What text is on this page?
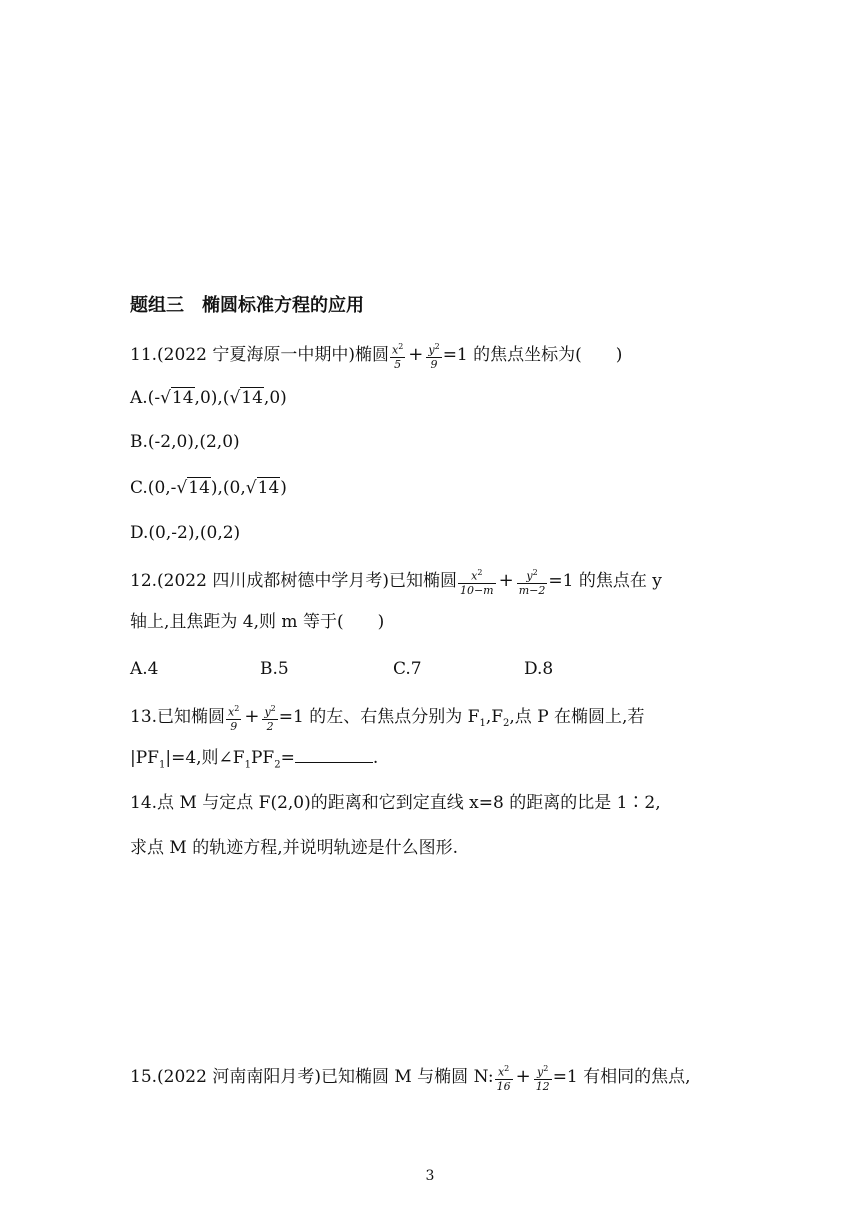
题组三　椭圆标准方程的应用
11.(2022 宁夏海原一中期中)椭圆 $\frac{x^2}{5} + \frac{y^2}{9} =1$ 的焦点坐标为(　　)
A.(-√14,0),(√14,0)
B.(-2,0),(2,0)
C.(0,-√14),(0,√14)
D.(0,-2),(0,2)
12.(2022 四川成都树德中学月考)已知椭圆 $\frac{x^2}{10-m} + \frac{y^2}{m-2} =1$ 的焦点在 y
轴上,且焦距为 4,则 m 等于(　　)
A.4	B.5	C.7	D.8
13.已知椭圆 $\frac{x^2}{9} + \frac{y^2}{2} =1$ 的左、右焦点分别为 $F_1,F_2$,点 P 在椭圆上,若
$|PF_1|=4$,则$\angle F_1PF_2=$	.
14.点 M 与定点 F(2,0)的距离和它到定直线 x=8 的距离的比是 1∶2,
求点 M 的轨迹方程,并说明轨迹是什么图形.
15.(2022 河南南阳月考)已知椭圆 M 与椭圆 N: $\frac{x^2}{16} + \frac{y^2}{12} =1$ 有相同的焦点,
3
